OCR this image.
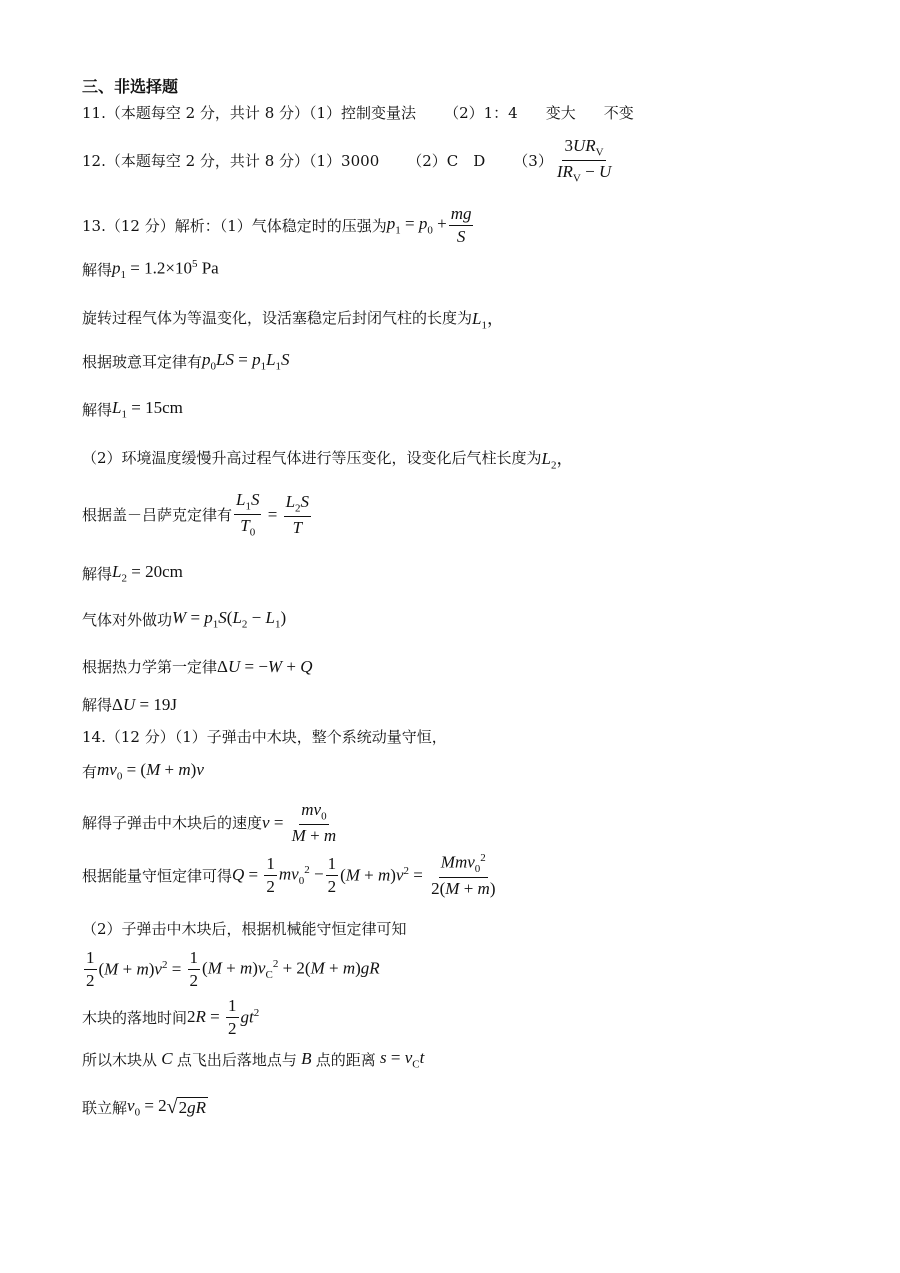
三、非选择题
11.（本题每空 2 分，共计 8 分）（1）控制变量法 （2）1：4 变大 不变
12.（本题每空 2 分，共计 8 分）（1）3000 （2）C　D $(3) \frac{3UR_V}{IR_V - U}$
13.（12 分）解析：（1）气体稳定时的压强为 $p_1 = p_0 + \frac{mg}{S}$
解得 $p_1 = 1.2\times 10^5$ Pa
旋转过程气体为等温变化，设活塞稳定后封闭气柱的长度为 $L_1$，
根据玻意耳定律有 $p_0LS = p_1L_1S$
解得 $L_1 = 15cm$
（2）环境温度缓慢升高过程气体进行等压变化，设变化后气柱长度为 $L_2$，
根据盖－吕萨克定律有 $\frac{L_1S}{T_0} = \frac{L_2S}{T}$
解得 $L_2 = 20cm$
气体对外做功 $W = p_1S(L_2 - L_1)$
根据热力学第一定律 ΔU = −W + Q
解得 ΔU = 19J
14.（12 分）（1）子弹击中木块，整个系统动量守恒，
有 $mv_0 = (M + m)v$
解得子弹击中木块后的速度 $v = \frac{mv_0}{M + m}$
根据能量守恒定律可得 $Q = \frac{1}{2} mv_0^2 - \frac{1}{2} (M + m)v^2 = \frac{Mmv_0^2}{2(M + m)}$
（2）子弹击中木块后，根据机械能守恒定律可知
$\frac{1}{2} (M + m)v^2 = \frac{1}{2} (M + m)v_C^2 + 2(M + m)gR$
木块的落地时间 $2R = \frac{1}{2} gt^2$
所以木块从 C 点飞出后落地点与 B 点的距离 $s = v_Ct$
联立解 $v_0 = 2$ √ 2gR
